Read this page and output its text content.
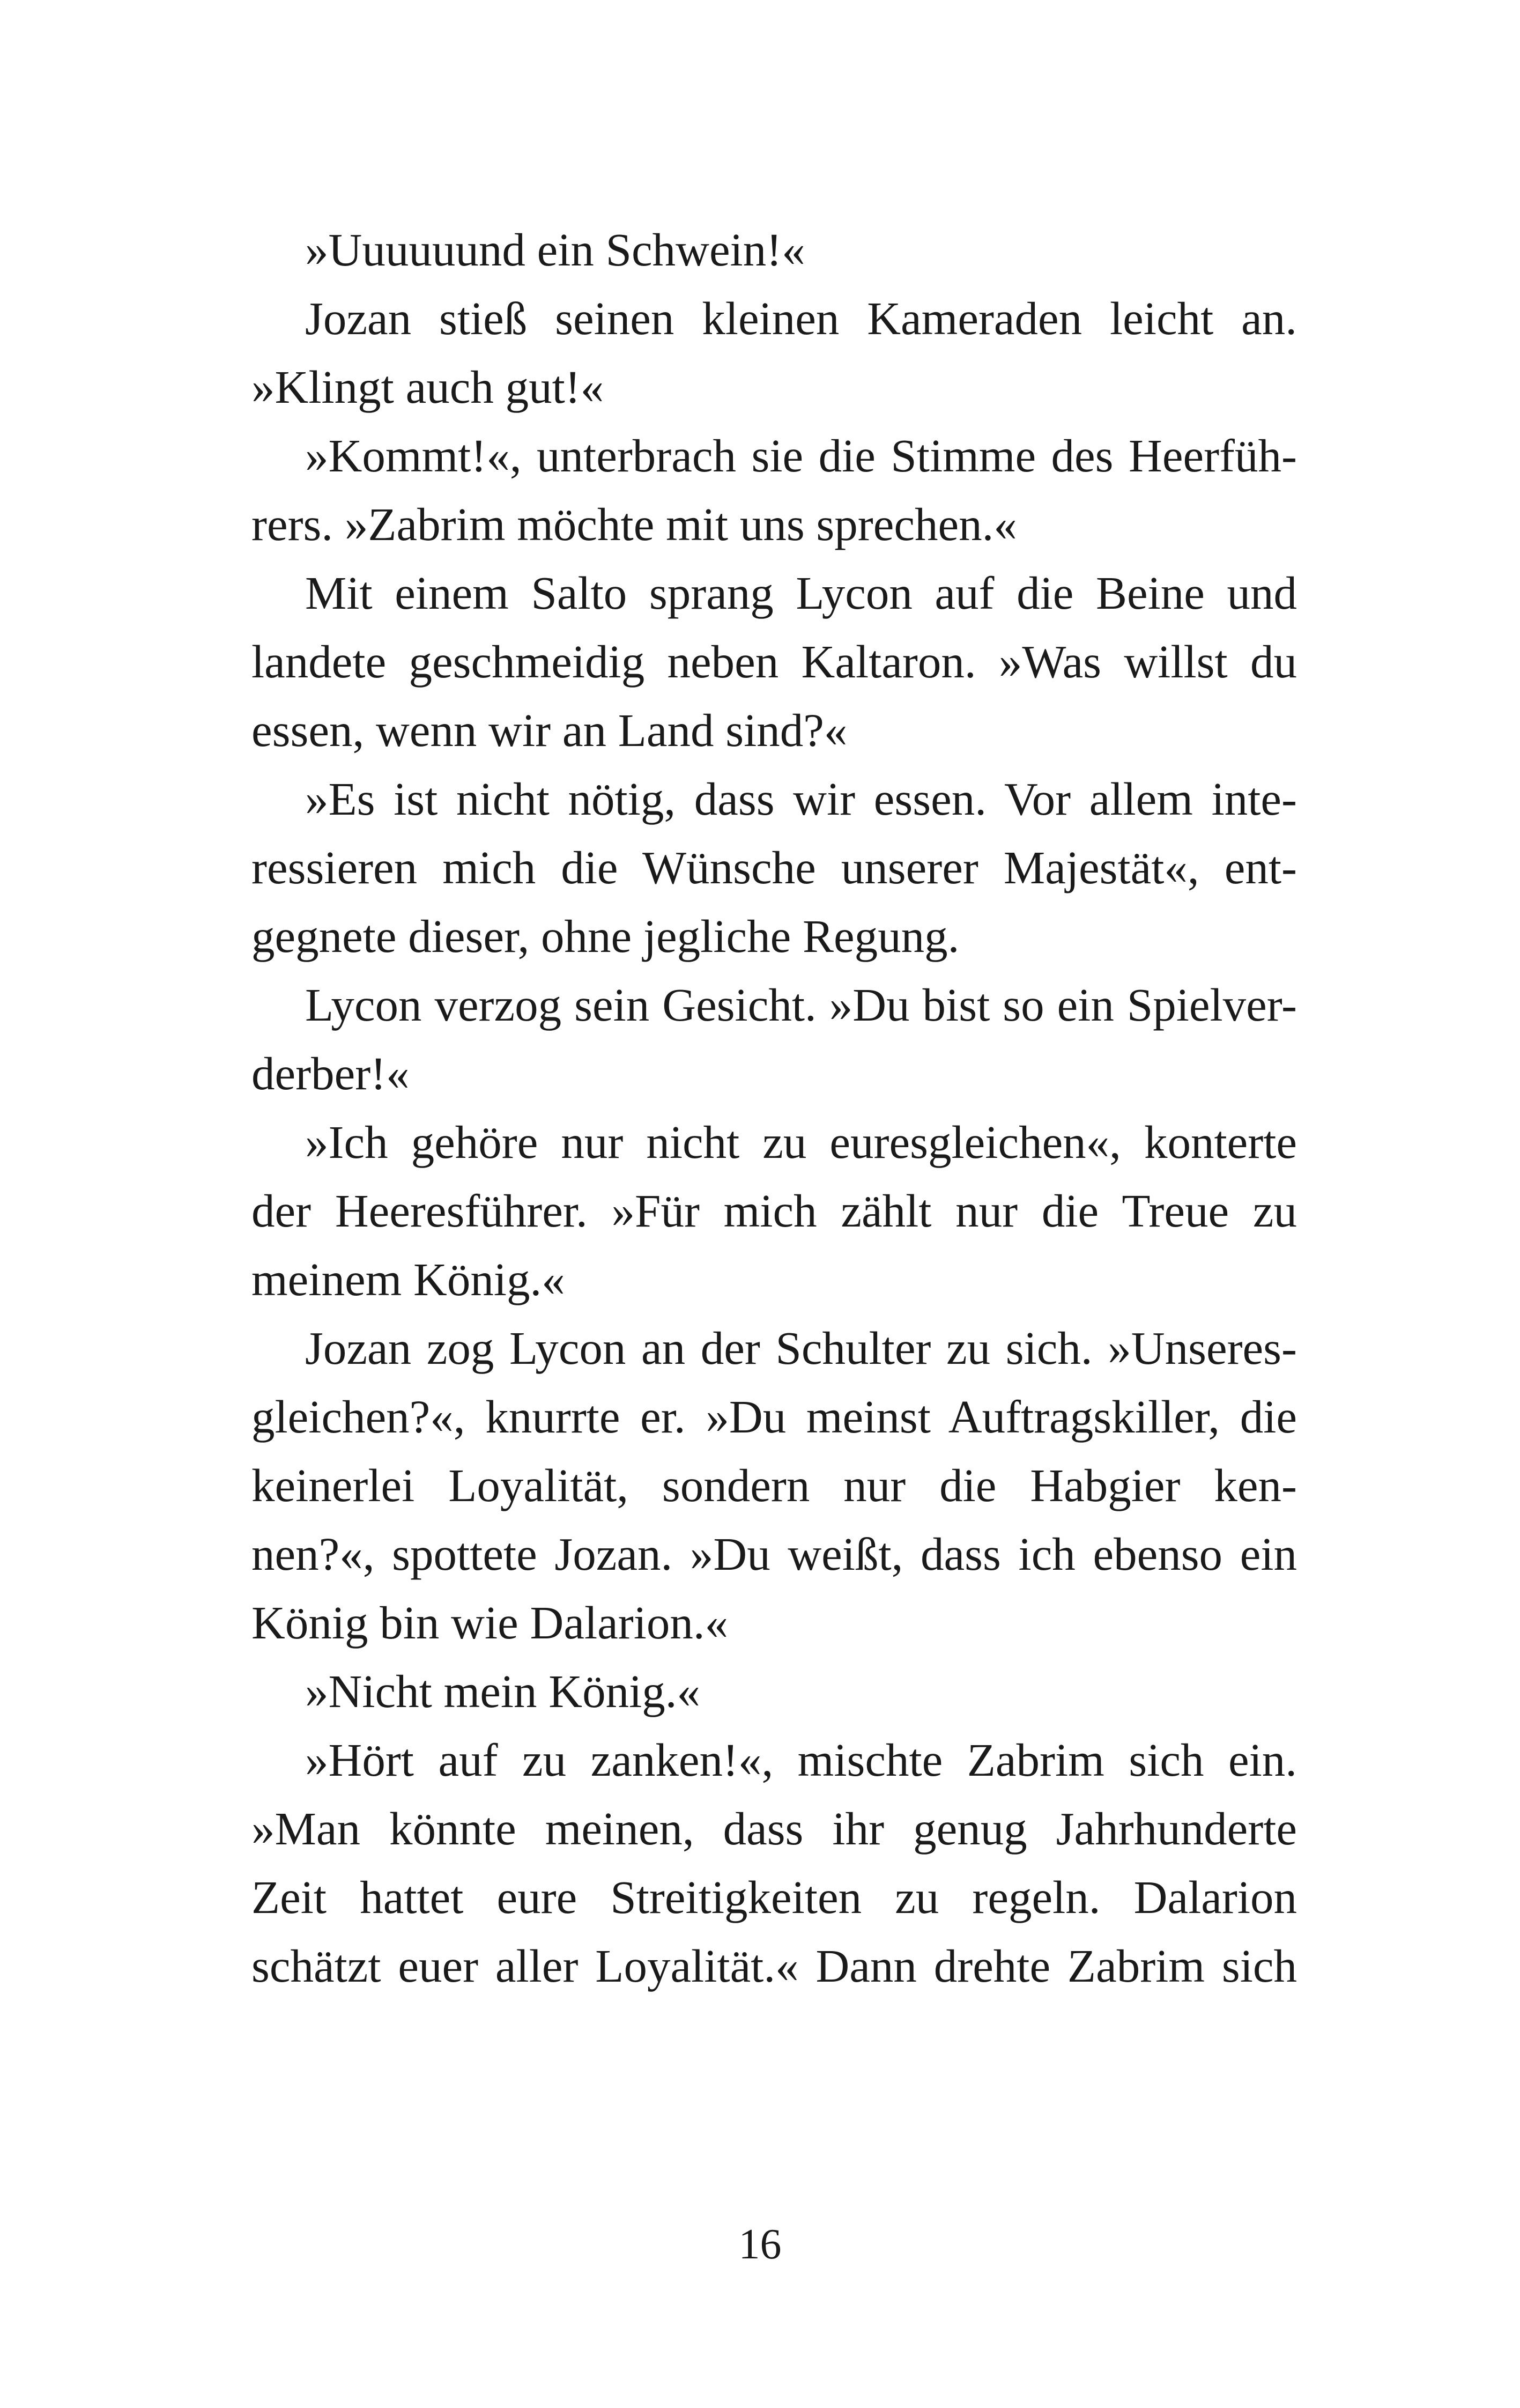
»Uuuuuund ein Schwein!«
Jozan stieß seinen kleinen Kameraden leicht an.
»Klingt auch gut!«
»Kommt!«, unterbrach sie die Stimme des Heerfüh-
rers. »Zabrim möchte mit uns sprechen.«
Mit einem Salto sprang Lycon auf die Beine und
landete geschmeidig neben Kaltaron. »Was willst du
essen, wenn wir an Land sind?«
»Es ist nicht nötig, dass wir essen. Vor allem inte-
ressieren mich die Wünsche unserer Majestät«, ent-
gegnete dieser, ohne jegliche Regung.
Lycon verzog sein Gesicht. »Du bist so ein Spielver-
derber!«
»Ich gehöre nur nicht zu euresgleichen«, konterte
der Heeresführer. »Für mich zählt nur die Treue zu
meinem König.«
Jozan zog Lycon an der Schulter zu sich. »Unseres-
gleichen?«, knurrte er. »Du meinst Auftragskiller, die
keinerlei Loyalität, sondern nur die Habgier ken-
nen?«, spottete Jozan. »Du weißt, dass ich ebenso ein
König bin wie Dalarion.«
»Nicht mein König.«
»Hört auf zu zanken!«, mischte Zabrim sich ein.
»Man könnte meinen, dass ihr genug Jahrhunderte
Zeit hattet eure Streitigkeiten zu regeln. Dalarion
schätzt euer aller Loyalität.« Dann drehte Zabrim sich
16
